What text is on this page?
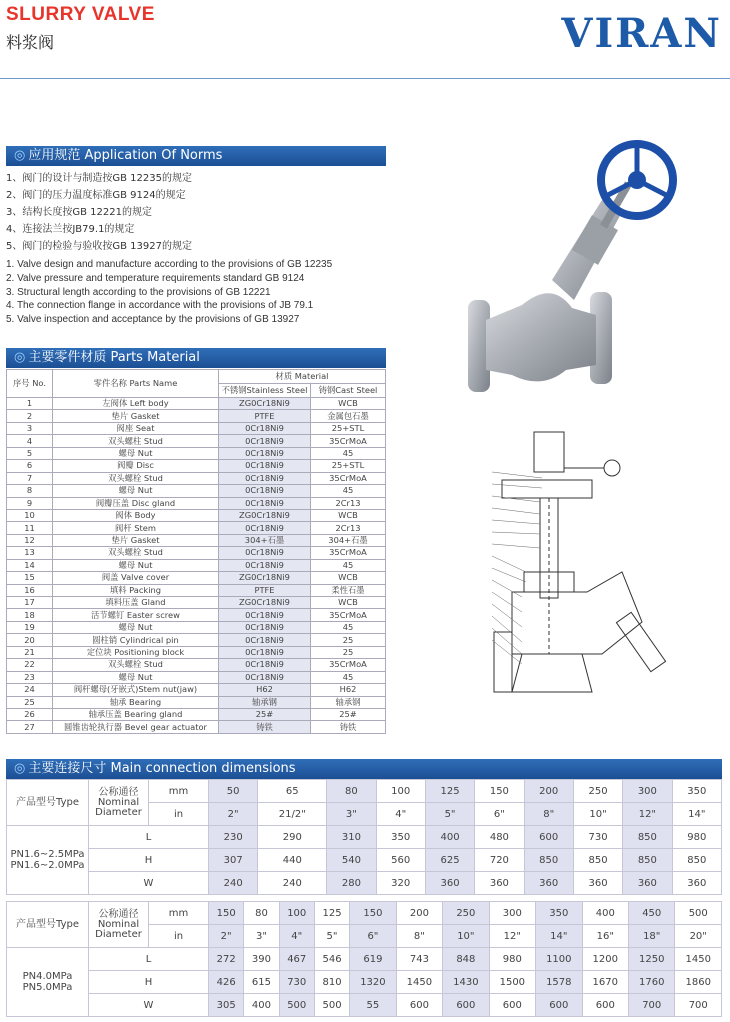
SLURRY VALVE
料浆阀	VIRAN
◎ 应用规范 Application Of Norms
1、阀门的设计与制造按GB 12235的规定
2、阀门的压力温度标准GB 9124的规定
3、结构长度按GB 12221的规定
4、连接法兰按JB79.1的规定
5、阀门的检验与验收按GB 13927的规定
1. Valve design and manufacture according to the provisions of GB 12235
2. Valve pressure and temperature requirements standard GB 9124
3. Structural length according to the provisions of GB 12221
4. The connection flange in accordance with the provisions of JB 79.1
5. Valve inspection and acceptance by the provisions of GB 13927
◎ 主要零件材质 Parts Material
序号 No.	零件名称 Parts Name	材质 Material	
		不锈钢Stainless Steel	铸钢Cast Steel
1	左阀体 Left body	ZG0Cr18Ni9	WCB
2	垫片 Gasket	PTFE	金属包石墨
3	阀座 Seat	0Cr18Ni9	25+STL
4	双头螺柱 Stud	0Cr18Ni9	35CrMoA
5	螺母 Nut	0Cr18Ni9	45
6	阀瓣 Disc	0Cr18Ni9	25+STL
7	双头螺栓 Stud	0Cr18Ni9	35CrMoA
8	螺母 Nut	0Cr18Ni9	45
9	阀瓣压盖 Disc gland	0Cr18Ni9	2Cr13
10	阀体 Body	ZG0Cr18Ni9	WCB
11	阀杆 Stem	0Cr18Ni9	2Cr13
12	垫片 Gasket	304+石墨	304+石墨
13	双头螺栓 Stud	0Cr18Ni9	35CrMoA
14	螺母 Nut	0Cr18Ni9	45
15	阀盖 Valve cover	ZG0Cr18Ni9	WCB
16	填料 Packing	PTFE	柔性石墨
17	填料压盖 Gland	ZG0Cr18Ni9	WCB
18	活节螺钉 Easter screw	0Cr18Ni9	35CrMoA
19	螺母 Nut	0Cr18Ni9	45
20	圆柱销 Cylindrical pin	0Cr18Ni9	25
21	定位块 Positioning block	0Cr18Ni9	25
22	双头螺栓 Stud	0Cr18Ni9	35CrMoA
23	螺母 Nut	0Cr18Ni9	45
24	阀杆螺母(牙嵌式)Stem nut(jaw)	H62	H62
25	轴承 Bearing	轴承钢	轴承钢
26	轴承压盖 Bearing gland	25#	25#
27	圆锥齿轮执行器 Bevel gear actuator	铸铁	铸铁
◎ 主要连接尺寸 Main connection dimensions
产品型号Type	公称通径
Nominal
Diameter	mm	50	65	80	100	125	150	200	250	300	350
		in	2"	21/2"	3"	4"	5"	6"	8"	10"	12"	14"

PN1.6~2.5MPa
PN1.6~2.0MPa	L		230	290	310	350	400	480	600	730	850	980
	H		307	440	540	560	625	720	850	850	850	850
	W		240	240	280	320	360	360	360	360	360	360
产品型号Type	公称通径
Nominal
Diameter	mm	150	80	100	125	150	200	250	300	350	400	450	500
		in	2"	3"	4"	5"	6"	8"	10"	12"	14"	16"	18"	20"

PN4.0MPa
PN5.0MPa	L		272	390	467	546	619	743	848	980	1100	1200	1250	1450
	H		426	615	730	810	1320	1450	1430	1500	1578	1670	1760	1860
	W		305	400	500	500	55	600	600	600	600	600	700	700
